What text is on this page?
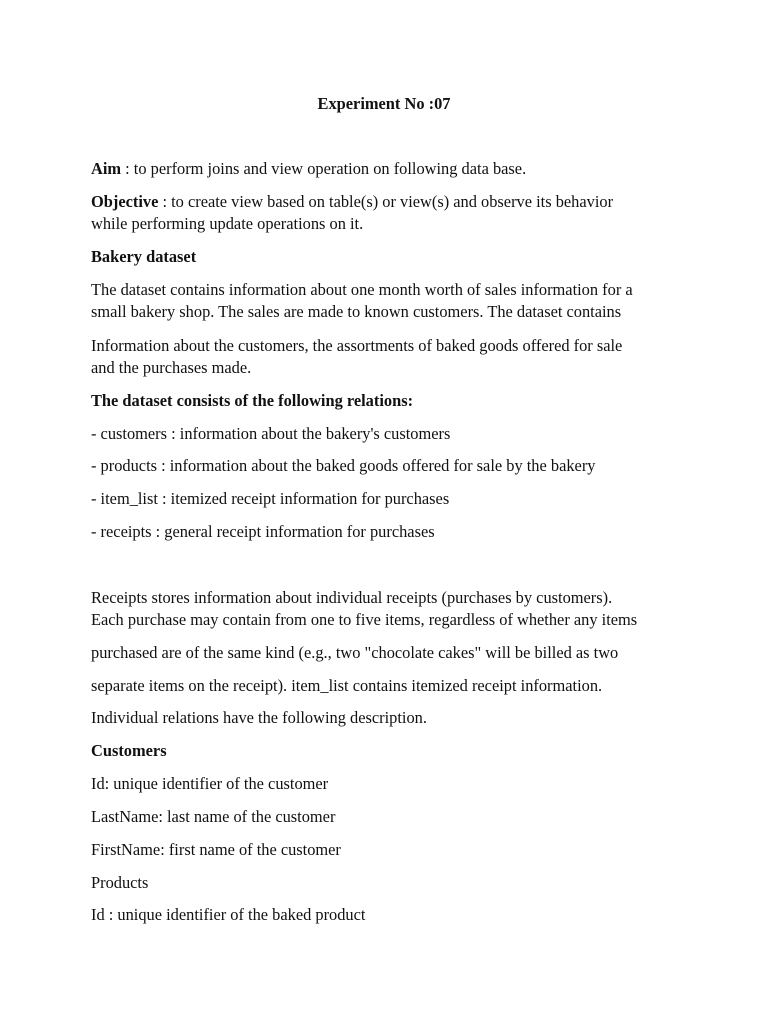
Experiment No :07

Aim : to perform joins and view operation on following data base.

Objective : to create view based on table(s) or view(s) and observe its behavior

while performing update operations on it.

Bakery dataset

The dataset contains information about one month worth of sales information for a

small bakery shop. The sales are made to known customers. The dataset contains

Information about the customers, the assortments of baked goods offered for sale

and the purchases made.

The dataset consists of the following relations:

- customers : information about the bakery's customers

- products : information about the baked goods offered for sale by the bakery

- item_list : itemized receipt information for purchases

- receipts : general receipt information for purchases

Receipts stores information about individual receipts (purchases by customers).

Each purchase may contain from one to five items, regardless of whether any items

purchased are of the same kind (e.g., two "chocolate cakes" will be billed as two

separate items on the receipt). item_list contains itemized receipt information.

Individual relations have the following description.

Customers

Id: unique identifier of the customer

LastName: last name of the customer

FirstName: first name of the customer

Products

Id : unique identifier of the baked product
